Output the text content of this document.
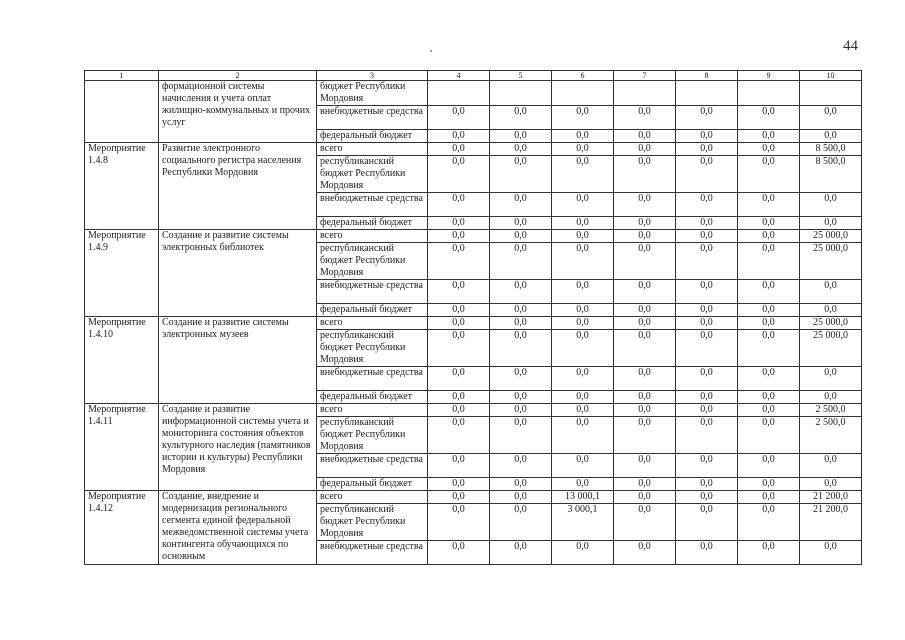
44
1	2	3	4	5	6	7	8	9	10
	формационной системы начисления и учета оплат жилищно-коммунальных и прочих услуг	бюджет Республики Мордовия							
		внебюджетные средства	0,0	0,0	0,0	0,0	0,0	0,0	0,0
		федеральный бюджет	0,0	0,0	0,0	0,0	0,0	0,0	0,0
Мероприятие 1.4.8	Развитие электронного социального регистра населения Республики Мордовия	всего	0,0	0,0	0,0	0,0	0,0	0,0	8 500,0
		республиканский бюджет Республики Мордовия	0,0	0,0	0,0	0,0	0,0	0,0	8 500,0
		внебюджетные средства	0,0	0,0	0,0	0,0	0,0	0,0	0,0
		федеральный бюджет	0,0	0,0	0,0	0,0	0,0	0,0	0,0
Мероприятие 1.4.9	Создание и развитие системы электронных библиотек	всего	0,0	0,0	0,0	0,0	0,0	0,0	25 000,0
		республиканский бюджет Республики Мордовия	0,0	0,0	0,0	0,0	0,0	0,0	25 000,0
		внебюджетные средства	0,0	0,0	0,0	0,0	0,0	0,0	0,0
		федеральный бюджет	0,0	0,0	0,0	0,0	0,0	0,0	0,0
Мероприятие 1.4.10	Создание и развитие системы электронных музеев	всего	0,0	0,0	0,0	0,0	0,0	0,0	25 000,0
		республиканский бюджет Республики Мордовия	0,0	0,0	0,0	0,0	0,0	0,0	25 000,0
		внебюджетные средства	0,0	0,0	0,0	0,0	0,0	0,0	0,0
		федеральный бюджет	0,0	0,0	0,0	0,0	0,0	0,0	0,0
Мероприятие 1.4.11	Создание и развитие информационной системы учета и мониторинга состояния объектов культурного наследия (памятников истории и культуры) Республики Мордовия	всего	0,0	0,0	0,0	0,0	0,0	0,0	2 500,0
		республиканский бюджет Республики Мордовия	0,0	0,0	0,0	0,0	0,0	0,0	2 500,0
		внебюджетные средства	0,0	0,0	0,0	0,0	0,0	0,0	0,0
		федеральный бюджет	0,0	0,0	0,0	0,0	0,0	0,0	0,0
Мероприятие 1.4.12	Создание, внедрение и модернизация регионального сегмента единой федеральной межведомственной системы учета контингента обучающихся по основным	всего	0,0	0,0	13 000,1	0,0	0,0	0,0	21 200,0
		республиканский бюджет Республики Мордовия	0,0	0,0	3 000,1	0,0	0,0	0,0	21 200,0
		внебюджетные средства	0,0	0,0	0,0	0,0	0,0	0,0	0,0
